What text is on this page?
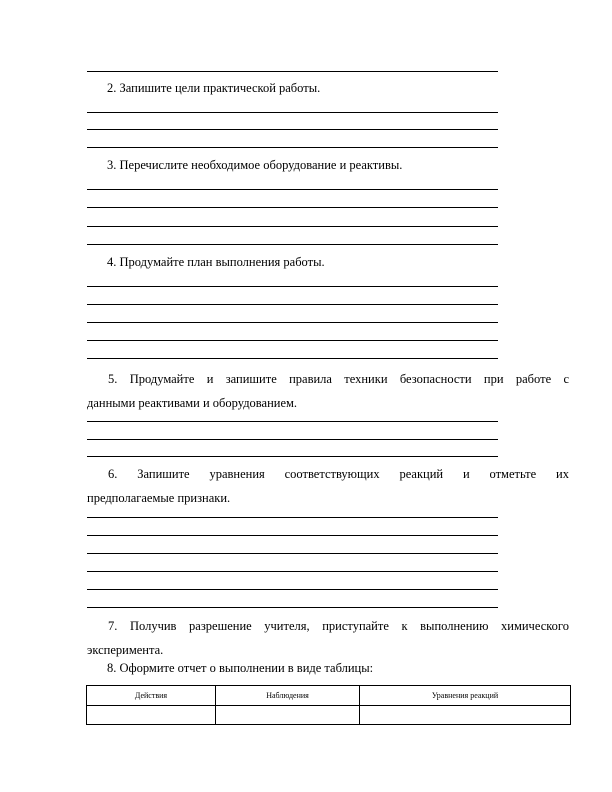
2. Запишите цели практической работы.
3. Перечислите необходимое оборудование и реактивы.
4. Продумайте план выполнения работы.
5. Продумайте и запишите правила техники безопасности при работе с
данными реактивами и оборудованием.
6. Запишите уравнения соответствующих реакций и отметьте их
предполагаемые признаки.
7. Получив разрешение учителя, приступайте к выполнению химического
эксперимента.
8. Оформите отчет о выполнении в виде таблицы:
Действия	Наблюдения	Уравнения реакций
